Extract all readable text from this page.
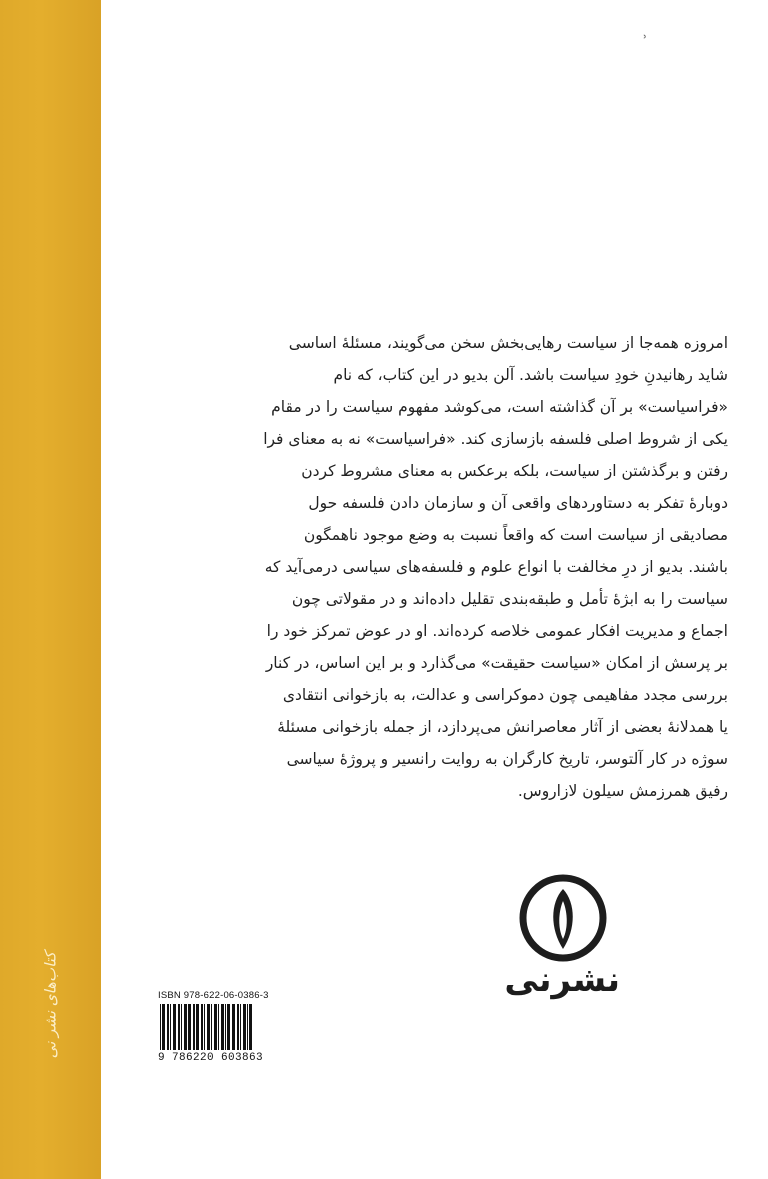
کتاب‌های نشر نی
˒
امروزه همه‌جا از سیاست رهایی‌بخش سخن می‌گویند، مسئلهٔ اساسی
شاید رهانیدنِ خودِ سیاست باشد. آلن بدیو در این کتاب، که نام
«فراسیاست» بر آن گذاشته است، می‌کوشد مفهوم سیاست را در مقام
یکی از شروط اصلی فلسفه بازسازی کند. «فراسیاست» نه به معنای فرا
رفتن و برگذشتن از سیاست، بلکه برعکس به معنای مشروط کردن
دوبارهٔ تفکر به دستاوردهای واقعی آن و سازمان دادن فلسفه حول
مصادیقی از سیاست است که واقعاً نسبت به وضع موجود ناهمگون
باشند. بدیو از درِ مخالفت با انواع علوم و فلسفه‌های سیاسی درمی‌آید که
سیاست را به ابژهٔ تأمل و طبقه‌بندی تقلیل داده‌اند و در مقولاتی چون
اجماع و مدیریت افکار عمومی خلاصه کرده‌اند. او در عوض تمرکز خود را
بر پرسش از امکان «سیاست حقیقت» می‌گذارد و بر این اساس، در کنار
بررسی مجدد مفاهیمی چون دموکراسی و عدالت، به بازخوانی انتقادی
یا همدلانهٔ بعضی از آثار معاصرانش می‌پردازد، از جمله بازخوانی مسئلهٔ
سوژه در کار آلتوسر، تاریخ کارگران به روایت رانسیر و پروژهٔ سیاسی
رفیق همرزمش سیلون لازاروس.
ISBN 978-622-06-0386-3
9 786220 603863
نشرنی
